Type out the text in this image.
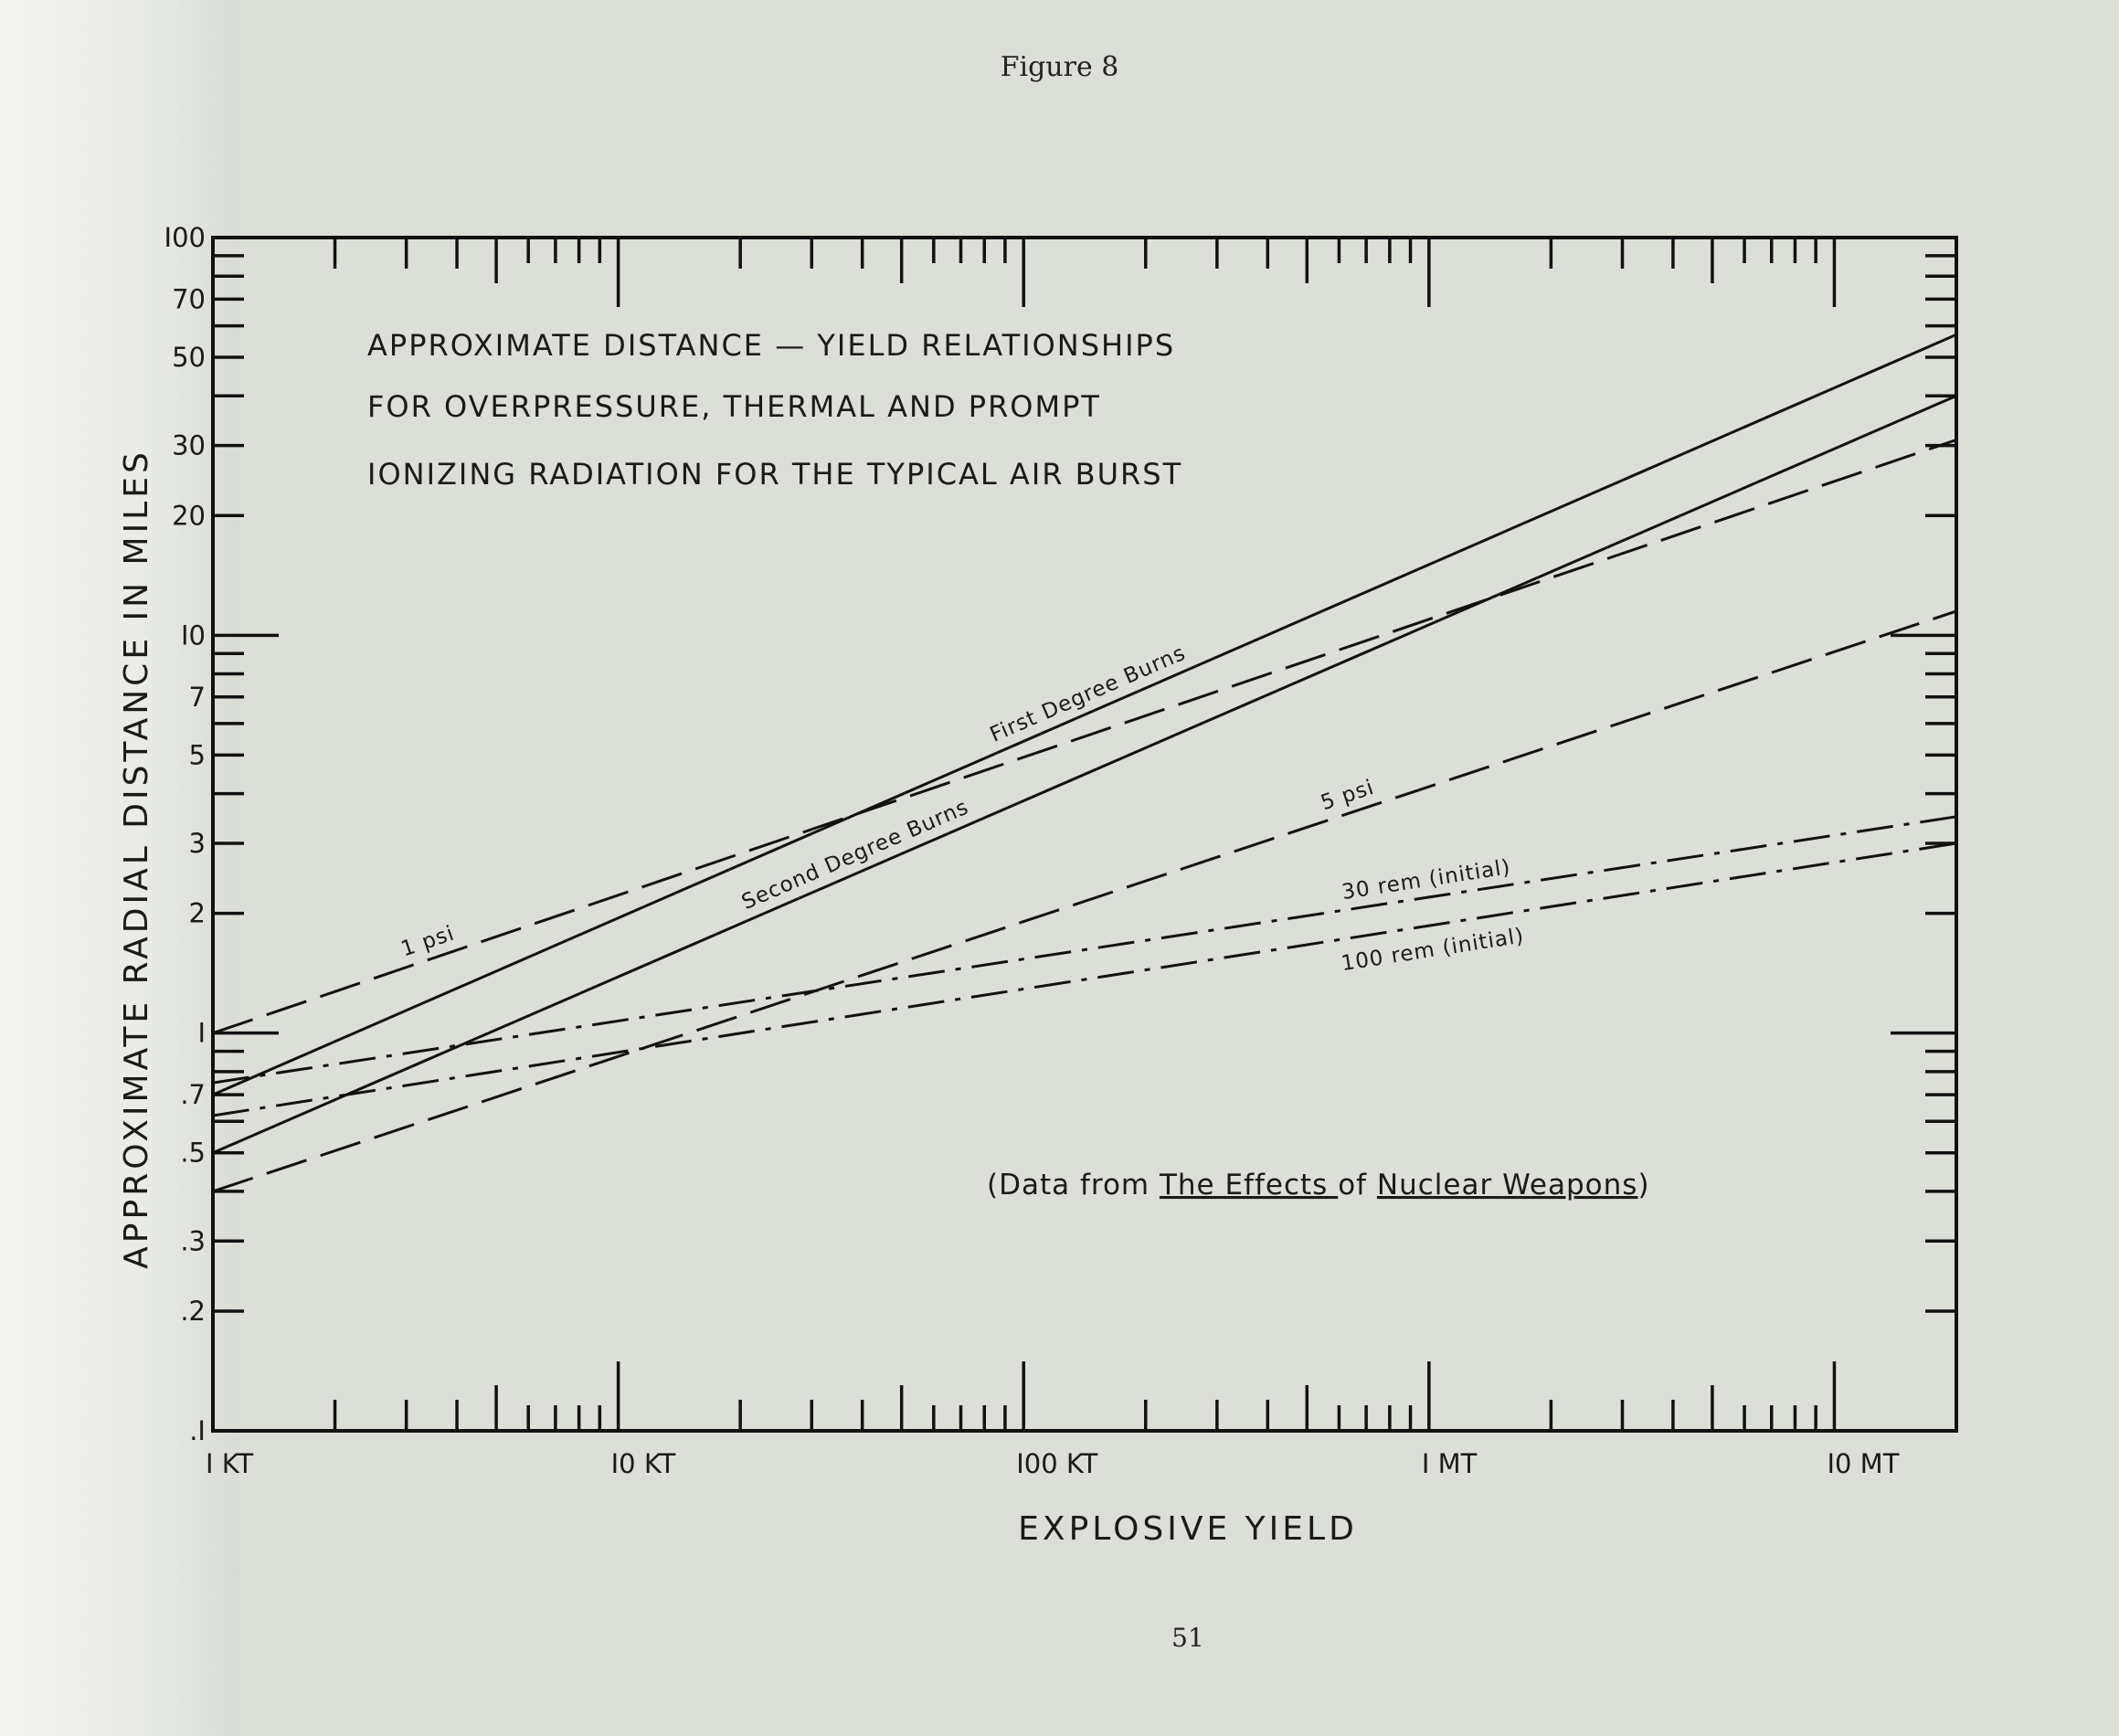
Figure 8
.I
.2
.3
.5
.7
I
2
3
5
7
I0
20
30
50
70
I00
I KT	I0 KT	I00 KT	I MT	I0 MT
First Degree Burns
Second Degree Burns
1 psi
5 psi
30 rem (initial)
100 rem (initial)
APPROXIMATE DISTANCE — YIELD RELATIONSHIPS
FOR OVERPRESSURE, THERMAL AND PROMPT
IONIZING RADIATION FOR THE TYPICAL AIR BURST
EXPLOSIVE YIELD
APPROXIMATE RADIAL DISTANCE IN MILES	(Data from The Effects of Nuclear Weapons)
51
